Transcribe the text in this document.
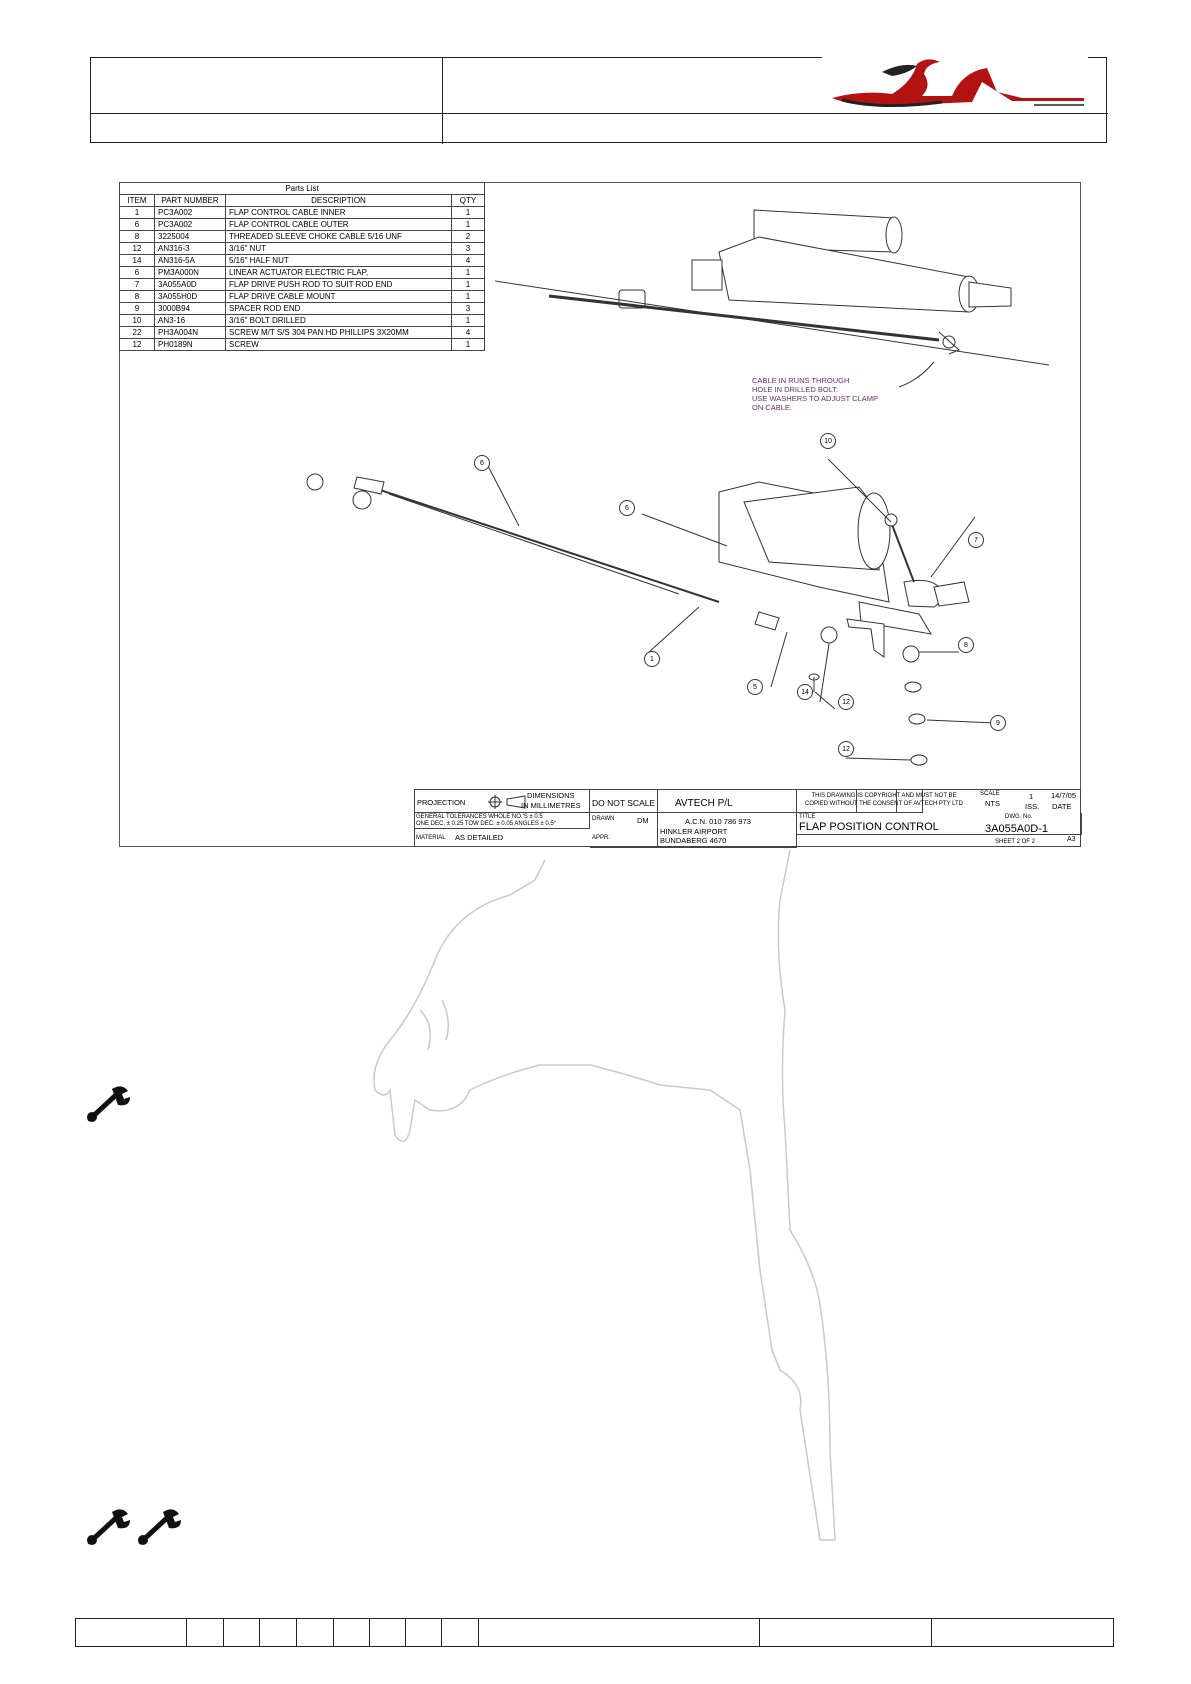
Parts List			
ITEM	PART NUMBER	DESCRIPTION	QTY
1	PC3A002	FLAP CONTROL CABLE INNER	1
6	PC3A002	FLAP CONTROL CABLE OUTER	1
8	3225004	THREADED SLEEVE CHOKE CABLE 5/16 UNF	2
12	AN316-3	3/16" NUT	3
14	AN316-5A	5/16" HALF NUT	4
6	PM3A000N	LINEAR ACTUATOR ELECTRIC FLAP,	1
7	3A055A0D	FLAP DRIVE PUSH ROD TO SUIT ROD END	1
8	3A055H0D	FLAP DRIVE CABLE MOUNT	1
9	3000B94	SPACER ROD END	3
10	AN3-16	3/16" BOLT DRILLED	1
22	PH3A004N	SCREW M/T S/S 304 PAN HD PHILLIPS 3X20MM	4
12	PH0189N	SCREW	1
CABLE IN RUNS THROUGH
HOLE IN DRILLED BOLT.
USE WASHERS TO ADJUST CLAMP
ON CABLE.
6
10
6
7
1
8
5
14
12
9
12
PROJECTION
DIMENSIONS
IN MILLIMETRES DO NOT SCALE AVTECH P/L
A.C.N. 010 786 973
HINKLER AIRPORT
BUNDABERG 4670
GENERAL TOLERANCES WHOLE NO.'S ± 0.5
ONE DEC. ± 0.25 TOW DEC. ± 0.05 ANGLES ± 0.5°
DRAWN	DM
MATERIAL AS DETAILED	APPR.
THIS DRAWING IS COPYRIGHT AND MUST NOT BE
COPIED WITHOUT THE CONSENT OF AVTECH PTY LTD
SCALE
NTS
1
ISS.
14/7/05
DATE
TITLE
FLAP POSITION CONTROL
DWG. No.
3A055A0D-1
SHEET 2 OF 2	A3
